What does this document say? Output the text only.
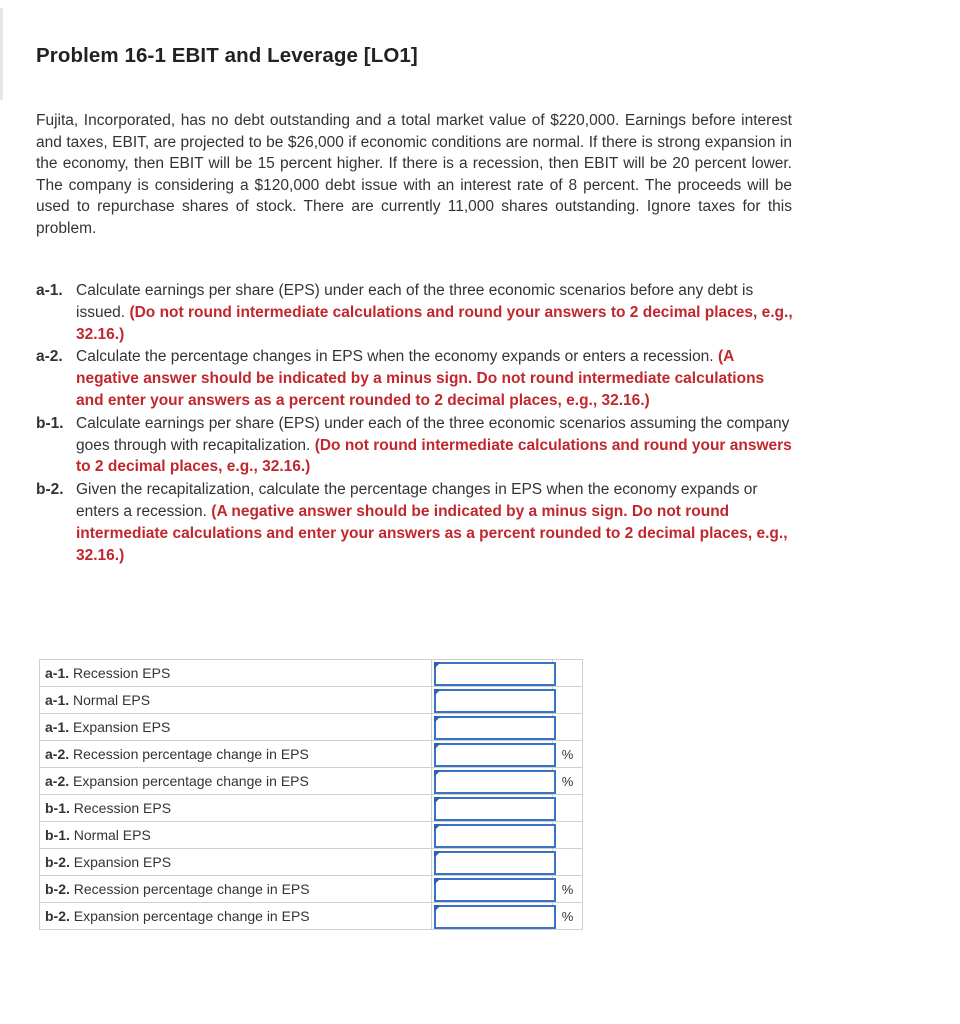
Problem 16-1 EBIT and Leverage [LO1]

Fujita, Incorporated, has no debt outstanding and a total market value of $220,000. Earnings before interest and taxes, EBIT, are projected to be $26,000 if economic conditions are normal. If there is strong expansion in the economy, then EBIT will be 15 percent higher. If there is a recession, then EBIT will be 20 percent lower. The company is considering a $120,000 debt issue with an interest rate of 8 percent. The proceeds will be used to repurchase shares of stock. There are currently 11,000 shares outstanding. Ignore taxes for this problem.

a-1. Calculate earnings per share (EPS) under each of the three economic scenarios before any debt is issued. (Do not round intermediate calculations and round your answers to 2 decimal places, e.g., 32.16.)
a-2. Calculate the percentage changes in EPS when the economy expands or enters a recession. (A negative answer should be indicated by a minus sign. Do not round intermediate calculations and enter your answers as a percent rounded to 2 decimal places, e.g., 32.16.)
b-1. Calculate earnings per share (EPS) under each of the three economic scenarios assuming the company goes through with recapitalization. (Do not round intermediate calculations and round your answers to 2 decimal places, e.g., 32.16.)
b-2. Given the recapitalization, calculate the percentage changes in EPS when the economy expands or enters a recession. (A negative answer should be indicated by a minus sign. Do not round intermediate calculations and enter your answers as a percent rounded to 2 decimal places, e.g., 32.16.)
a-1. Recession EPS	

a-1. Normal EPS	

a-1. Expansion EPS	

a-2. Recession percentage change in EPS		%
a-2. Expansion percentage change in EPS		%
b-1. Recession EPS	

b-1. Normal EPS	

b-2. Expansion EPS	

b-2. Recession percentage change in EPS		%
b-2. Expansion percentage change in EPS		%
